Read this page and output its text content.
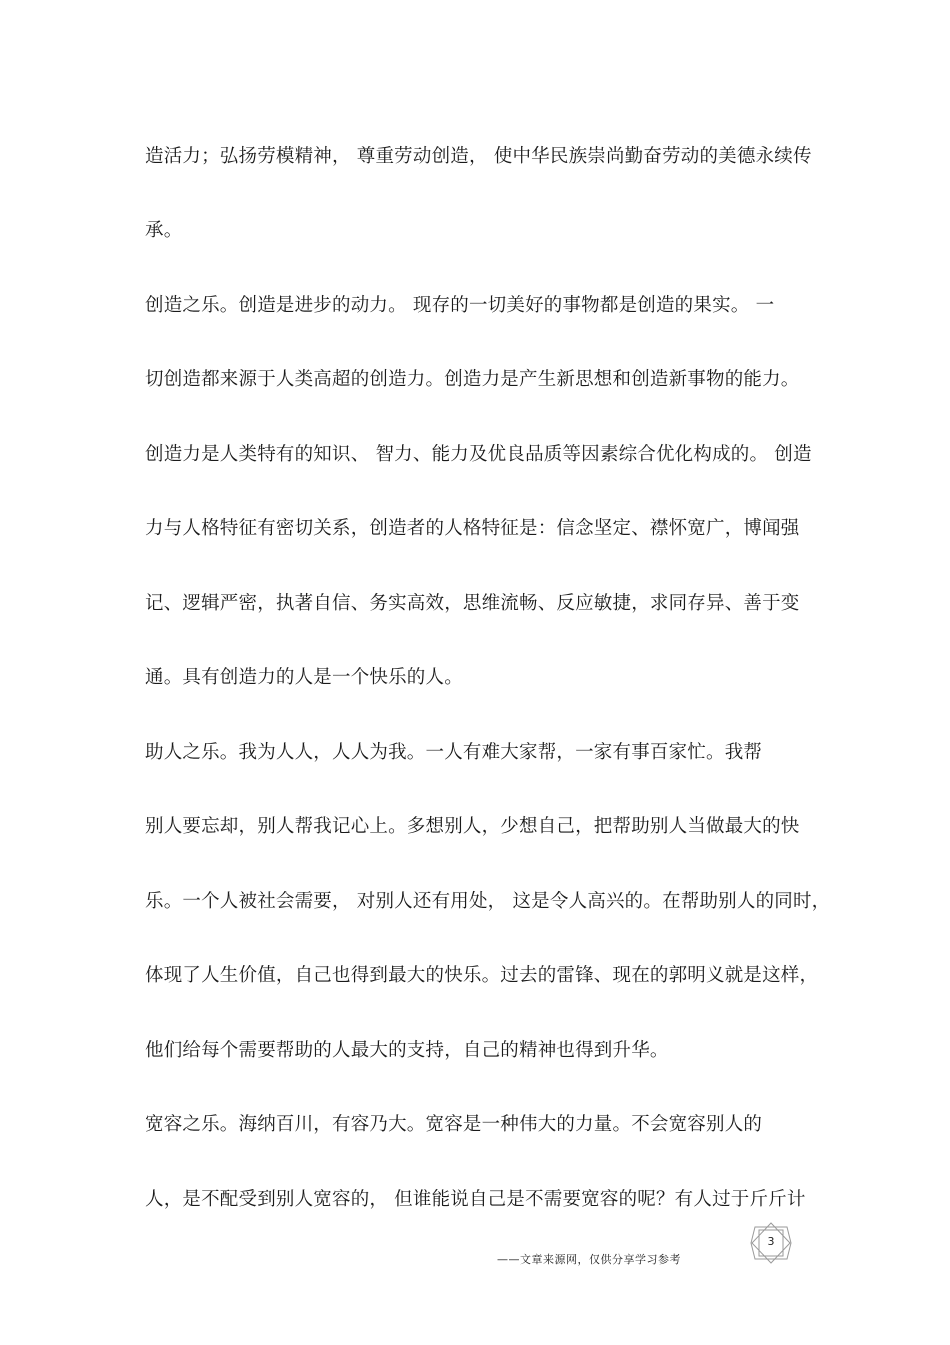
造活力；弘扬劳模精神， 尊重劳动创造， 使中华民族崇尚勤奋劳动的美德永续传
承。
创造之乐。创造是进步的动力。 现存的一切美好的事物都是创造的果实。 一
切创造都来源于人类高超的创造力。创造力是产生新思想和创造新事物的能力。
创造力是人类特有的知识、 智力、能力及优良品质等因素综合优化构成的。 创造
力与人格特征有密切关系，创造者的人格特征是：信念坚定、襟怀宽广，博闻强
记、逻辑严密，执著自信、务实高效，思维流畅、反应敏捷，求同存异、善于变
通。具有创造力的人是一个快乐的人。
助人之乐。我为人人，人人为我。一人有难大家帮，一家有事百家忙。我帮
别人要忘却，别人帮我记心上。多想别人，少想自己，把帮助别人当做最大的快
乐。一个人被社会需要， 对别人还有用处， 这是令人高兴的。在帮助别人的同时，
体现了人生价值，自己也得到最大的快乐。过去的雷锋、现在的郭明义就是这样，
他们给每个需要帮助的人最大的支持，自己的精神也得到升华。
宽容之乐。海纳百川，有容乃大。宽容是一种伟大的力量。不会宽容别人的
人，是不配受到别人宽容的， 但谁能说自己是不需要宽容的呢？有人过于斤斤计
3
——文章来源网，仅供分享学习参考
